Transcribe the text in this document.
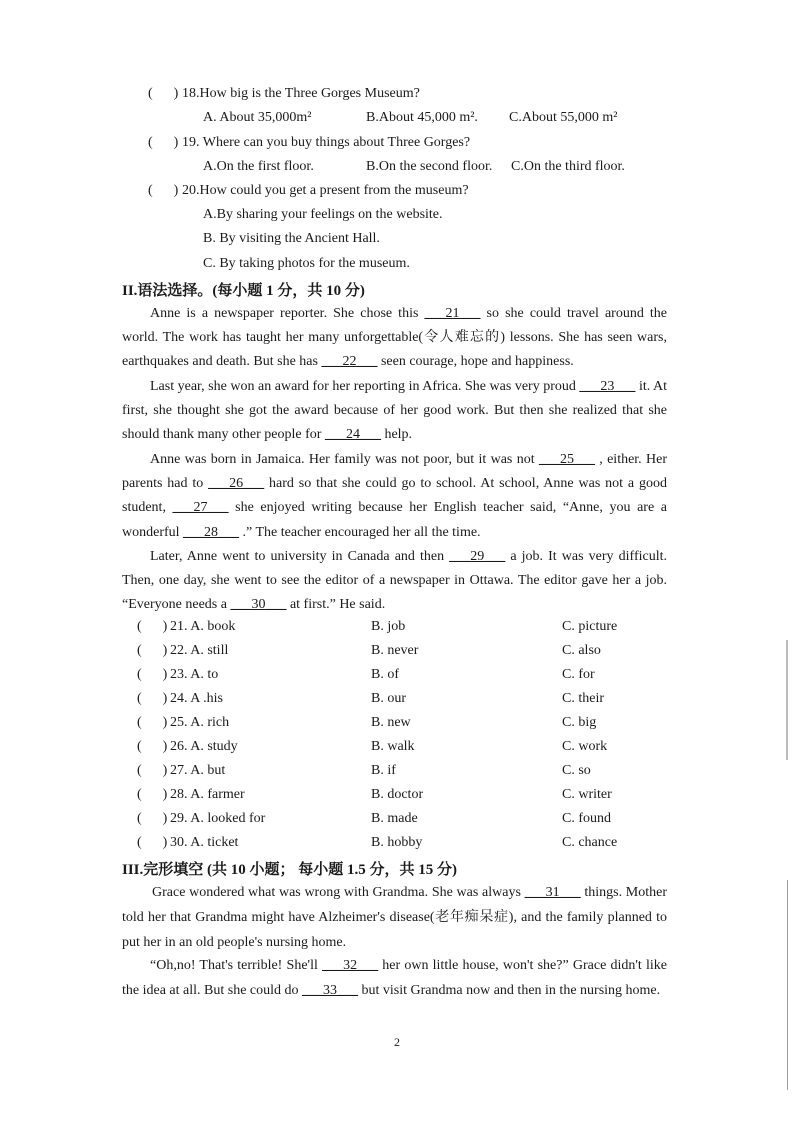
(      ) 18.How big is the Three Gorges Museum?
A. About 35,000m²	B.About 45,000 m². C.About 55,000 m²
(      ) 19. Where can you buy things about Three Gorges?
A.On the first floor.	B.On the second floor. C.On the third floor.
(      ) 20.How could you get a present from the museum?
A.By sharing your feelings on the website.
B. By visiting the Ancient Hall.
C. By taking photos for the museum.
II.语法选择。(每小题 1 分，共 10 分)

Anne is a newspaper reporter. She chose this ___21___ so she could travel around the world. The work has taught her many unforgettable(令人难忘的) lessons. She has seen wars, earthquakes and death. But she has ___22___ seen courage, hope and happiness.

Last year, she won an award for her reporting in Africa. She was very proud ___23___ it. At first, she thought she got the award because of her good work. But then she realized that she should thank many other people for ___24___ help.

Anne was born in Jamaica. Her family was not poor, but it was not ___25___ , either. Her parents had to ___26___ hard so that she could go to school. At school, Anne was not a good student, ___27___ she enjoyed writing because her English teacher said, “Anne, you are a wonderful ___28___ .” The teacher encouraged her all the time.

Later, Anne went to university in Canada and then ___29___ a job. It was very difficult. Then, one day, she went to see the editor of a newspaper in Ottawa. The editor gave her a job. “Everyone needs a ___30___ at first.” He said.

(      ) 21. A. book	B. job	C. picture
(      ) 22. A. still	B. never	C. also
(      ) 23. A. to	B. of	C. for
(      ) 24. A .his	B. our	C. their
(      ) 25. A. rich	B. new	C. big
(      ) 26. A. study	B. walk	C. work
(      ) 27. A. but	B. if	C. so
(      ) 28. A. farmer	B. doctor	C. writer
(      ) 29. A. looked for	B. made	C. found
(      ) 30. A. ticket	B. hobby	C. chance
III.完形填空 (共 10 小题； 每小题 1.5 分，共 15 分)

Grace wondered what was wrong with Grandma. She was always ___31___ things. Mother told her that Grandma might have Alzheimer's disease(老年痴呆症), and the family planned to put her in an old people's nursing home.

“Oh,no! That's terrible! She'll ___32___ her own little house, won't she?” Grace didn't like the idea at all. But she could do ___33___ but visit Grandma now and then in the nursing home.

2
